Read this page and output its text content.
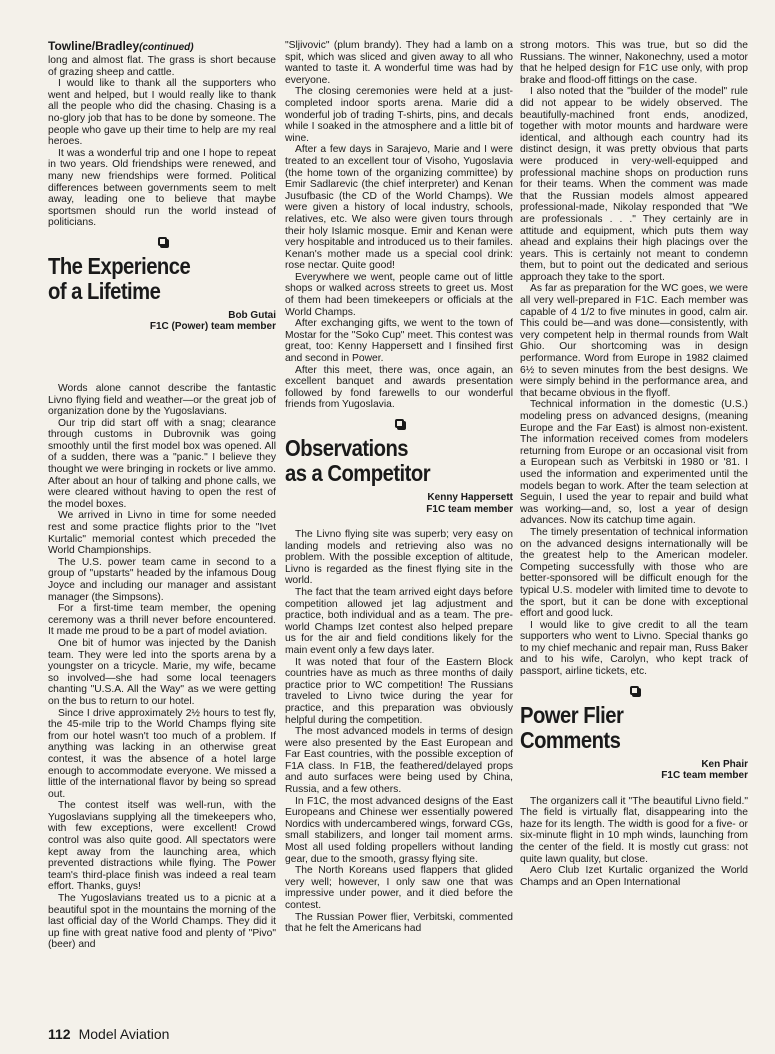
Towline/Bradley(continued)

long and almost flat. The grass is short because of grazing sheep and cattle.

I would like to thank all the supporters who went and helped, but I would really like to thank all the people who did the chasing. Chasing is a no-glory job that has to be done by someone. The people who gave up their time to help are my real heroes.

It was a wonderful trip and one I hope to repeat in two years. Old friendships were renewed, and many new friendships were formed. Political differences between governments seem to melt away, leading one to believe that maybe sportsmen should run the world instead of politicians.

The Experience
of a Lifetime
Bob Gutai
F1C (Power) team member

Words alone cannot describe the fantastic Livno flying field and weather—or the great job of organization done by the Yugoslavians.

Our trip did start off with a snag; clearance through customs in Dubrovnik was going smoothly until the first model box was opened. All of a sudden, there was a "panic." I believe they thought we were bringing in rockets or live ammo. After about an hour of talking and phone calls, we were cleared without having to open the rest of the model boxes.

We arrived in Livno in time for some needed rest and some practice flights prior to the "Ivet Kurtalic" memorial contest which preceded the World Championships.

The U.S. power team came in second to a group of "upstarts" headed by the infamous Doug Joyce and including our manager and assistant manager (the Simpsons).

For a first-time team member, the opening ceremony was a thrill never before encountered. It made me proud to be a part of model aviation.

One bit of humor was injected by the Danish team. They were led into the sports arena by a youngster on a tricycle. Marie, my wife, became so involved—she had some local teenagers chanting "U.S.A. All the Way" as we were getting on the bus to return to our hotel.

Since I drive approximately 2½ hours to test fly, the 45-mile trip to the World Champs flying site from our hotel wasn't too much of a problem. If anything was lacking in an otherwise great contest, it was the absence of a hotel large enough to accommodate everyone. We missed a little of the international flavor by being so spread out.

The contest itself was well-run, with the Yugoslavians supplying all the timekeepers who, with few exceptions, were excellent! Crowd control was also quite good. All spectators were kept away from the launching area, which prevented distractions while flying. The Power team's third-place finish was indeed a real team effort. Thanks, guys!

The Yugoslavians treated us to a picnic at a beautiful spot in the mountains the morning of the last official day of the World Champs. They did it up fine with great native food and plenty of "Pivo" (beer) and

"Sljivovic" (plum brandy). They had a lamb on a spit, which was sliced and given away to all who wanted to taste it. A wonderful time was had by everyone.

The closing ceremonies were held at a just-completed indoor sports arena. Marie did a wonderful job of trading T-shirts, pins, and decals while I soaked in the atmosphere and a little bit of wine.

After a few days in Sarajevo, Marie and I were treated to an excellent tour of Visoho, Yugoslavia (the home town of the organizing committee) by Emir Sadlarevic (the chief interpreter) and Kenan Jusufbasic (the CD of the World Champs). We were given a history of local industry, schools, relatives, etc. We also were given tours through their holy Islamic mosque. Emir and Kenan were very hospitable and introduced us to their familes. Kenan's mother made us a special cool drink: rose nectar. Quite good!

Everywhere we went, people came out of little shops or walked across streets to greet us. Most of them had been timekeepers or officials at the World Champs.

After exchanging gifts, we went to the town of Mostar for the "Soko Cup" meet. This contest was great, too: Kenny Happersett and I finsihed first and second in Power.

After this meet, there was, once again, an excellent banquet and awards presentation followed by fond farewells to our wonderful friends from Yugoslavia.

Observations
as a Competitor
Kenny Happersett
F1C team member

The Livno flying site was superb; very easy on landing models and retrieving also was no problem. With the possible exception of altitude, Livno is regarded as the finest flying site in the world.

The fact that the team arrived eight days before competition allowed jet lag adjustment and practice, both individual and as a team. The pre-world Champs Izet contest also helped prepare us for the air and field conditions likely for the main event only a few days later.

It was noted that four of the Eastern Block countries have as much as three months of daily practice prior to WC competition! The Russians traveled to Livno twice during the year for practice, and this preparation was obviously helpful during the competition.

The most advanced models in terms of design were also presented by the East European and Far East countries, with the possible exception of F1A class. In F1B, the feathered/delayed props and auto surfaces were being used by China, Russia, and a few others.

In F1C, the most advanced designs of the East Europeans and Chinese wer essentially powered Nordics with undercambered wings, forward CGs, small stabilizers, and longer tail moment arms. Most all used folding propellers without landing gear, due to the smooth, grassy flying site.

The North Koreans used flappers that glided very well; however, I only saw one that was impressive under power, and it died before the contest.

The Russian Power flier, Verbitski, commented that he felt the Americans had

strong motors. This was true, but so did the Russians. The winner, Nakonechny, used a motor that he helped design for F1C use only, with prop brake and flood-off fittings on the case.

I also noted that the "builder of the model" rule did not appear to be widely observed. The beautifully-machined front ends, anodized, together with motor mounts and hardware were identical, and although each country had its distinct design, it was pretty obvious that parts were produced in very-well-equipped and professional machine shops on production runs for their teams. When the comment was made that the Russian models almost appeared professional-made, Nikolay responded that "We are professionals . . ." They certainly are in attitude and equipment, which puts them way ahead and explains their high placings over the years. This is certainly not meant to condemn them, but to point out the dedicated and serious approach they take to the sport.

As far as preparation for the WC goes, we were all very well-prepared in F1C. Each member was capable of 4 1/2 to five minutes in good, calm air. This could be—and was done—consistently, with very competent help in thermal rounds from Walt Ghio. Our shortcoming was in design performance. Word from Europe in 1982 claimed 6½ to seven minutes from the best designs. We were simply behind in the performance area, and that became obvious in the flyoff.

Technical information in the domestic (U.S.) modeling press on advanced designs, (meaning Europe and the Far East) is almost non-existent. The information received comes from modelers returning from Europe or an occasional visit from a European such as Verbitski in 1980 or '81. I used the information and experimented until the models began to work. After the team selection at Seguin, I used the year to repair and build what was working—and, so, lost a year of design advances. Now its catchup time again.

The timely presentation of technical information on the advanced designs internationally will be the greatest help to the American modeler. Competing successfully with those who are better-sponsored will be difficult enough for the typical U.S. modeler with limited time to devote to the sport, but it can be done with exceptional effort and good luck.

I would like to give credit to all the team supporters who went to Livno. Special thanks go to my chief mechanic and repair man, Russ Baker and to his wife, Carolyn, who kept track of passport, airline tickets, etc.

Power Flier
Comments
Ken Phair
F1C team member

The organizers call it "The beautiful Livno field." The field is virtually flat, disappearing into the haze for its length. The width is good for a five- or six-minute flight in 10 mph winds, launching from the center of the field. It is mostly cut grass: not quite lawn quality, but close.

Aero Club Izet Kurtalic organized the World Champs and an Open International

112 Model Aviation
